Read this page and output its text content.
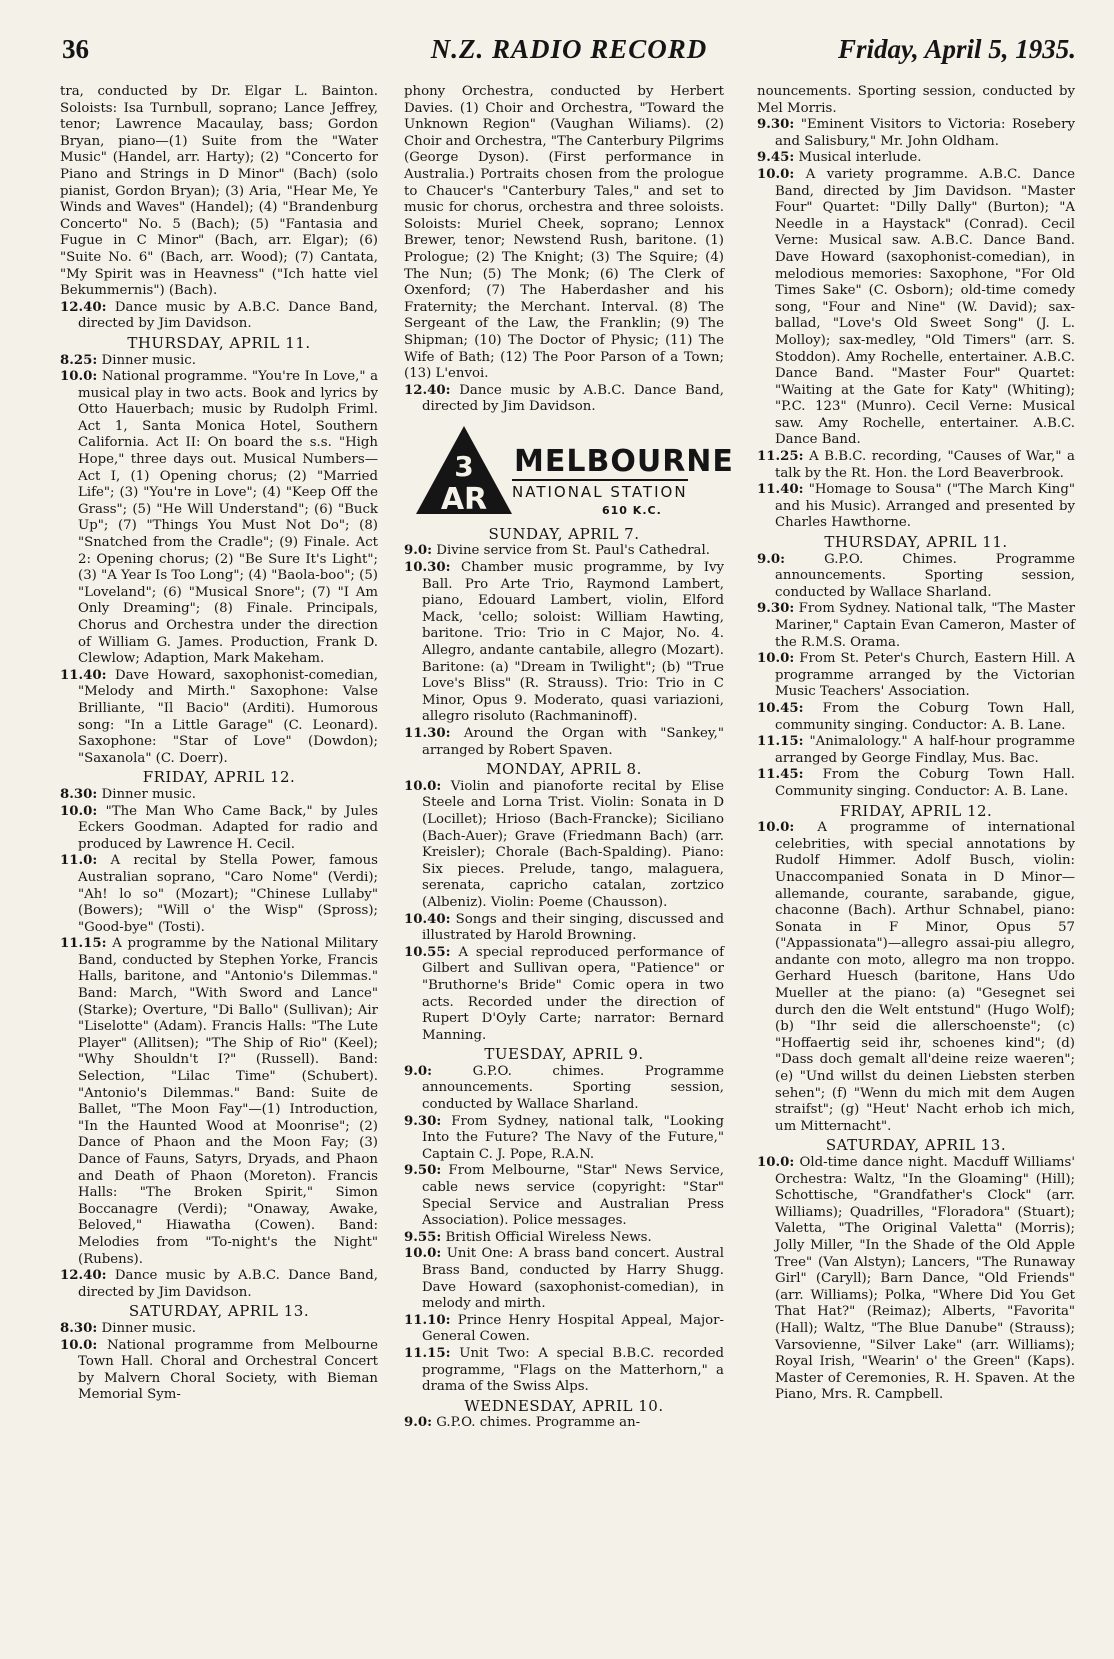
36	N.Z. RADIO RECORD	Friday, April 5, 1935.

tra, conducted by Dr. Elgar L. Bainton. Soloists: Isa Turnbull, soprano; Lance Jeffrey, tenor; Lawrence Macaulay, bass; Gordon Bryan, piano—(1) Suite from the "Water Music" (Handel, arr. Harty); (2) "Concerto for Piano and Strings in D Minor" (Bach) (solo pianist, Gordon Bryan); (3) Aria, "Hear Me, Ye Winds and Waves" (Handel); (4) "Brandenburg Concerto" No. 5 (Bach); (5) "Fantasia and Fugue in C Minor" (Bach, arr. Elgar); (6) "Suite No. 6" (Bach, arr. Wood); (7) Cantata, "My Spirit was in Heavness" ("Ich hatte viel Bekummernis") (Bach).

12.40: Dance music by A.B.C. Dance Band, directed by Jim Davidson.

THURSDAY, APRIL 11.

8.25: Dinner music.

10.0: National programme. "You're In Love," a musical play in two acts. Book and lyrics by Otto Hauerbach; music by Rudolph Friml. Act 1, Santa Monica Hotel, Southern California. Act II: On board the s.s. "High Hope," three days out. Musical Numbers—Act I, (1) Opening chorus; (2) "Married Life"; (3) "You're in Love"; (4) "Keep Off the Grass"; (5) "He Will Understand"; (6) "Buck Up"; (7) "Things You Must Not Do"; (8) "Snatched from the Cradle"; (9) Finale. Act 2: Opening chorus; (2) "Be Sure It's Light"; (3) "A Year Is Too Long"; (4) "Baola-boo"; (5) "Loveland"; (6) "Musical Snore"; (7) "I Am Only Dreaming"; (8) Finale. Principals, Chorus and Orchestra under the direction of William G. James. Production, Frank D. Clewlow; Adaption, Mark Makeham.

11.40: Dave Howard, saxophonist-comedian, "Melody and Mirth." Saxophone: Valse Brilliante, "Il Bacio" (Arditi). Humorous song: "In a Little Garage" (C. Leonard). Saxophone: "Star of Love" (Dowdon); "Saxanola" (C. Doerr).

FRIDAY, APRIL 12.

8.30: Dinner music.

10.0: "The Man Who Came Back," by Jules Eckers Goodman. Adapted for radio and produced by Lawrence H. Cecil.

11.0: A recital by Stella Power, famous Australian soprano, "Caro Nome" (Verdi); "Ah! lo so" (Mozart); "Chinese Lullaby" (Bowers); "Will o' the Wisp" (Spross); "Good-bye" (Tosti).

11.15: A programme by the National Military Band, conducted by Stephen Yorke, Francis Halls, baritone, and "Antonio's Dilemmas." Band: March, "With Sword and Lance" (Starke); Overture, "Di Ballo" (Sullivan); Air "Liselotte" (Adam). Francis Halls: "The Lute Player" (Allitsen); "The Ship of Rio" (Keel); "Why Shouldn't I?" (Russell). Band: Selection, "Lilac Time" (Schubert). "Antonio's Dilemmas." Band: Suite de Ballet, "The Moon Fay"—(1) Introduction, "In the Haunted Wood at Moonrise"; (2) Dance of Phaon and the Moon Fay; (3) Dance of Fauns, Satyrs, Dryads, and Phaon and Death of Phaon (Moreton). Francis Halls: "The Broken Spirit," Simon Boccanagre (Verdi); "Onaway, Awake, Beloved," Hiawatha (Cowen). Band: Melodies from "To-night's the Night" (Rubens).

12.40: Dance music by A.B.C. Dance Band, directed by Jim Davidson.

SATURDAY, APRIL 13.

8.30: Dinner music.

10.0: National programme from Melbourne Town Hall. Choral and Orchestral Concert by Malvern Choral Society, with Bieman Memorial Sym-

phony Orchestra, conducted by Herbert Davies. (1) Choir and Orchestra, "Toward the Unknown Region" (Vaughan Wiliams). (2) Choir and Orchestra, "The Canterbury Pilgrims (George Dyson). (First performance in Australia.) Portraits chosen from the prologue to Chaucer's "Canterbury Tales," and set to music for chorus, orchestra and three soloists. Soloists: Muriel Cheek, soprano; Lennox Brewer, tenor; Newstend Rush, baritone. (1) Prologue; (2) The Knight; (3) The Squire; (4) The Nun; (5) The Monk; (6) The Clerk of Oxenford; (7) The Haberdasher and his Fraternity; the Merchant. Interval. (8) The Sergeant of the Law, the Franklin; (9) The Shipman; (10) The Doctor of Physic; (11) The Wife of Bath; (12) The Poor Parson of a Town; (13) L'envoi.

12.40: Dance music by A.B.C. Dance Band, directed by Jim Davidson.

3
AR
MELBOURNE
NATIONAL STATION
610 K.C.
SUNDAY, APRIL 7.

9.0: Divine service from St. Paul's Cathedral.

10.30: Chamber music programme, by Ivy Ball. Pro Arte Trio, Raymond Lambert, piano, Edouard Lambert, violin, Elford Mack, 'cello; soloist: William Hawting, baritone. Trio: Trio in C Major, No. 4. Allegro, andante cantabile, allegro (Mozart). Baritone: (a) "Dream in Twilight"; (b) "True Love's Bliss" (R. Strauss). Trio: Trio in C Minor, Opus 9. Moderato, quasi variazioni, allegro risoluto (Rachmaninoff).

11.30: Around the Organ with "Sankey," arranged by Robert Spaven.

MONDAY, APRIL 8.

10.0: Violin and pianoforte recital by Elise Steele and Lorna Trist. Violin: Sonata in D (Locillet); Hrioso (Bach-Francke); Siciliano (Bach-Auer); Grave (Friedmann Bach) (arr. Kreisler); Chorale (Bach-Spalding). Piano: Six pieces. Prelude, tango, malaguera, serenata, capricho catalan, zortzico (Albeniz). Violin: Poeme (Chausson).

10.40: Songs and their singing, discussed and illustrated by Harold Browning.

10.55: A special reproduced performance of Gilbert and Sullivan opera, "Patience" or "Bruthorne's Bride" Comic opera in two acts. Recorded under the direction of Rupert D'Oyly Carte; narrator: Bernard Manning.

TUESDAY, APRIL 9.

9.0:	G.P.O. chimes. Programme announcements. Sporting session, conducted by Wallace Sharland.

9.30: From Sydney, national talk, "Looking Into the Future? The Navy of the Future," Captain C. J. Pope, R.A.N.

9.50: From Melbourne, "Star" News Service, cable news service (copyright: "Star" Special Service and Australian Press Association). Police messages.

9.55: British Official Wireless News.

10.0: Unit One: A brass band concert. Austral Brass Band, conducted by Harry Shugg. Dave Howard (saxophonist-comedian), in melody and mirth.

11.10: Prince Henry Hospital Appeal, Major-General Cowen.

11.15: Unit Two: A special B.B.C. recorded programme, "Flags on the Matterhorn," a drama of the Swiss Alps.

WEDNESDAY, APRIL 10.

9.0: G.P.O. chimes. Programme an-

nouncements. Sporting session, conducted by Mel Morris.

9.30: "Eminent Visitors to Victoria: Rosebery and Salisbury," Mr. John Oldham.

9.45: Musical interlude.

10.0: A variety programme. A.B.C. Dance Band, directed by Jim Davidson. "Master Four" Quartet: "Dilly Dally" (Burton); "A Needle in a Haystack" (Conrad). Cecil Verne: Musical saw. A.B.C. Dance Band. Dave Howard (saxophonist-comedian), in melodious memories: Saxophone, "For Old Times Sake" (C. Osborn); old-time comedy song, "Four and Nine" (W. David); sax-ballad, "Love's Old Sweet Song" (J. L. Molloy); sax-medley, "Old Timers" (arr. S. Stoddon). Amy Rochelle, entertainer. A.B.C. Dance Band. "Master Four" Quartet: "Waiting at the Gate for Katy" (Whiting); "P.C. 123" (Munro). Cecil Verne: Musical saw. Amy Rochelle, entertainer. A.B.C. Dance Band.

11.25: A B.B.C. recording, "Causes of War," a talk by the Rt. Hon. the Lord Beaverbrook.

11.40: "Homage to Sousa" ("The March King" and his Music). Arranged and presented by Charles Hawthorne.

THURSDAY, APRIL 11.

9.0:	G.P.O. Chimes. Programme announcements. Sporting session, conducted by Wallace Sharland.

9.30: From Sydney. National talk, "The Master Mariner," Captain Evan Cameron, Master of the R.M.S. Orama.

10.0: From St. Peter's Church, Eastern Hill. A programme arranged by the Victorian Music Teachers' Association.

10.45: From the Coburg Town Hall, community singing. Conductor: A. B. Lane.

11.15: "Animalology." A half-hour programme arranged by George Findlay, Mus. Bac.

11.45: From the Coburg Town Hall. Community singing. Conductor: A. B. Lane.

FRIDAY, APRIL 12.

10.0: A programme of international celebrities, with special annotations by Rudolf Himmer. Adolf Busch, violin: Unaccompanied Sonata in D Minor—allemande, courante, sarabande, gigue, chaconne (Bach). Arthur Schnabel, piano: Sonata in F Minor, Opus 57 ("Appassionata")—allegro assai-piu allegro, andante con moto, allegro ma non troppo. Gerhard Huesch (baritone, Hans Udo Mueller at the piano: (a) "Gesegnet sei durch den die Welt entstund" (Hugo Wolf); (b) "Ihr seid die allerschoenste"; (c) "Hoffaertig seid ihr, schoenes kind"; (d) "Dass doch gemalt all'deine reize waeren"; (e) "Und willst du deinen Liebsten sterben sehen"; (f) "Wenn du mich mit dem Augen straifst"; (g) "Heut' Nacht erhob ich mich, um Mitternacht".

SATURDAY, APRIL 13.

10.0: Old-time dance night. Macduff Williams' Orchestra: Waltz, "In the Gloaming" (Hill); Schottische, "Grandfather's Clock" (arr. Williams); Quadrilles, "Floradora" (Stuart); Valetta, "The Original Valetta" (Morris); Jolly Miller, "In the Shade of the Old Apple Tree" (Van Alstyn); Lancers, "The Runaway Girl" (Caryll); Barn Dance, "Old Friends" (arr. Williams); Polka, "Where Did You Get That Hat?" (Reimaz); Alberts, "Favorita" (Hall); Waltz, "The Blue Danube" (Strauss); Varsovienne, "Silver Lake" (arr. Williams); Royal Irish, "Wearin' o' the Green" (Kaps). Master of Ceremonies, R. H. Spaven. At the Piano, Mrs. R. Campbell.
